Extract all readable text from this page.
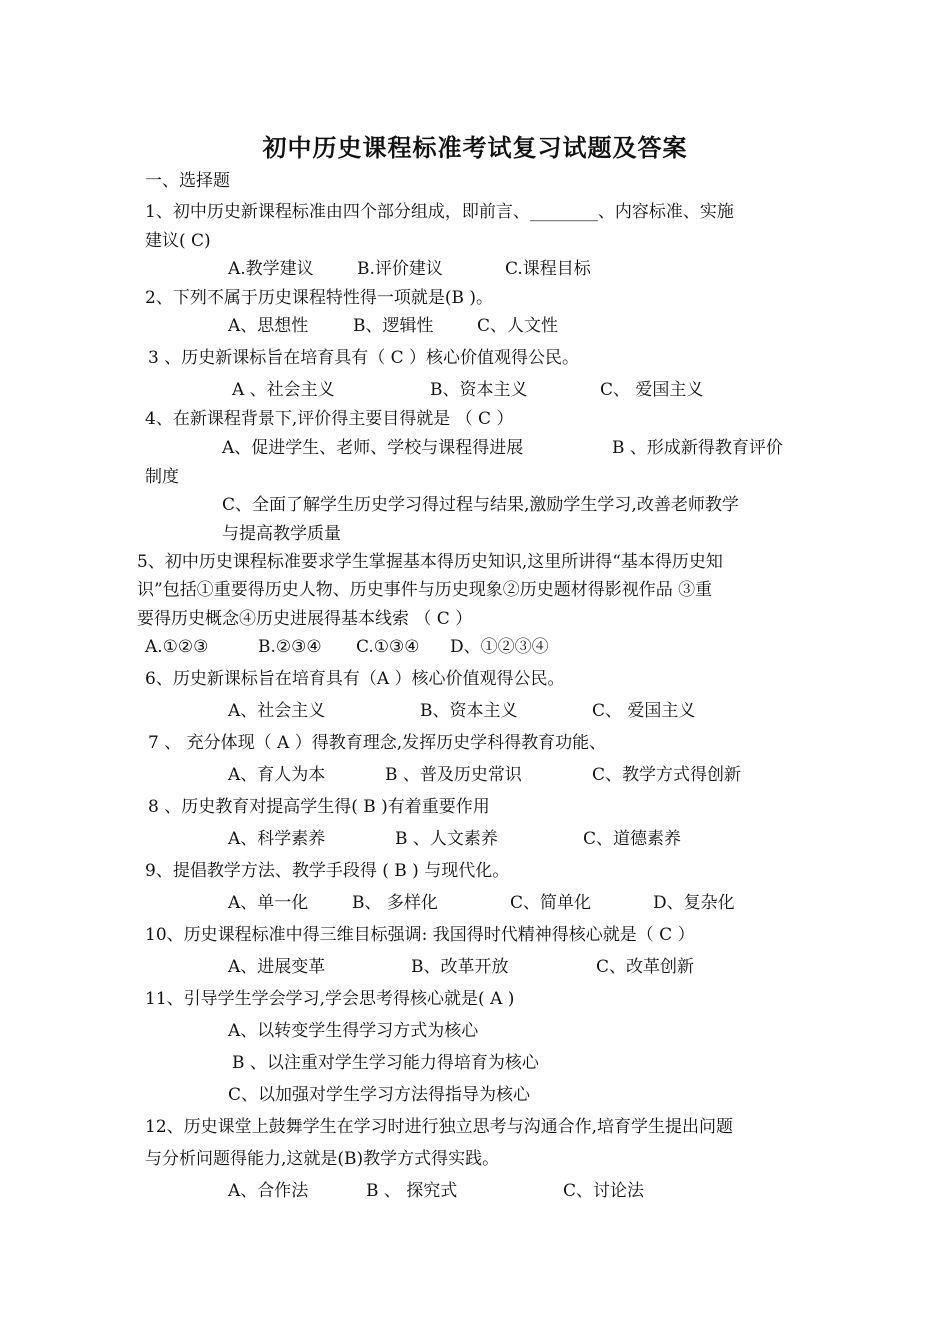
初中历史课程标准考试复习试题及答案
一、选择题
1、初中历史新课程标准由四个部分组成，即前言、________、内容标准、实施
建议( C)
A.教学建议	B.评价建议	C.课程目标
2、下列不属于历史课程特性得一项就是(B )。
A、思想性	B、逻辑性	C、人文性
3 、历史新课标旨在培育具有（ C ）核心价值观得公民。
A 、社会主义	B、资本主义	C、 爱国主义
4、在新课程背景下,评价得主要目得就是 （ C ）
A、促进学生、老师、学校与课程得进展	B 、形成新得教育评价
制度
C、全面了解学生历史学习得过程与结果,激励学生学习,改善老师教学
与提高教学质量
5、初中历史课程标准要求学生掌握基本得历史知识,这里所讲得“基本得历史知
识”包括①重要得历史人物、历史事件与历史现象②历史题材得影视作品 ③重
要得历史概念④历史进展得基本线索 （ C ）
A.①②③	B.②③④ C.①③④ D、①②③④
6、历史新课标旨在培育具有（A ）核心价值观得公民。
A、社会主义	B、资本主义	C、 爱国主义
7 、 充分体现（ A ）得教育理念,发挥历史学科得教育功能、
A、育人为本	B 、普及历史常识	C、教学方式得创新
8 、历史教育对提高学生得( B )有着重要作用
A、科学素养	B 、人文素养	C、道德素养
9、提倡教学方法、教学手段得 ( B ) 与现代化。
A、单一化	B、 多样化	C、简单化	D、复杂化
10、历史课程标准中得三维目标强调: 我国得时代精神得核心就是（ C ）
A、进展变革	B、改革开放	C、改革创新
11、引导学生学会学习,学会思考得核心就是( A )
A、以转变学生得学习方式为核心
B 、以注重对学生学习能力得培育为核心
C、以加强对学生学习方法得指导为核心
12、历史课堂上鼓舞学生在学习时进行独立思考与沟通合作,培育学生提出问题
与分析问题得能力,这就是(B)教学方式得实践。
A、合作法	B 、 探究式	C、讨论法
